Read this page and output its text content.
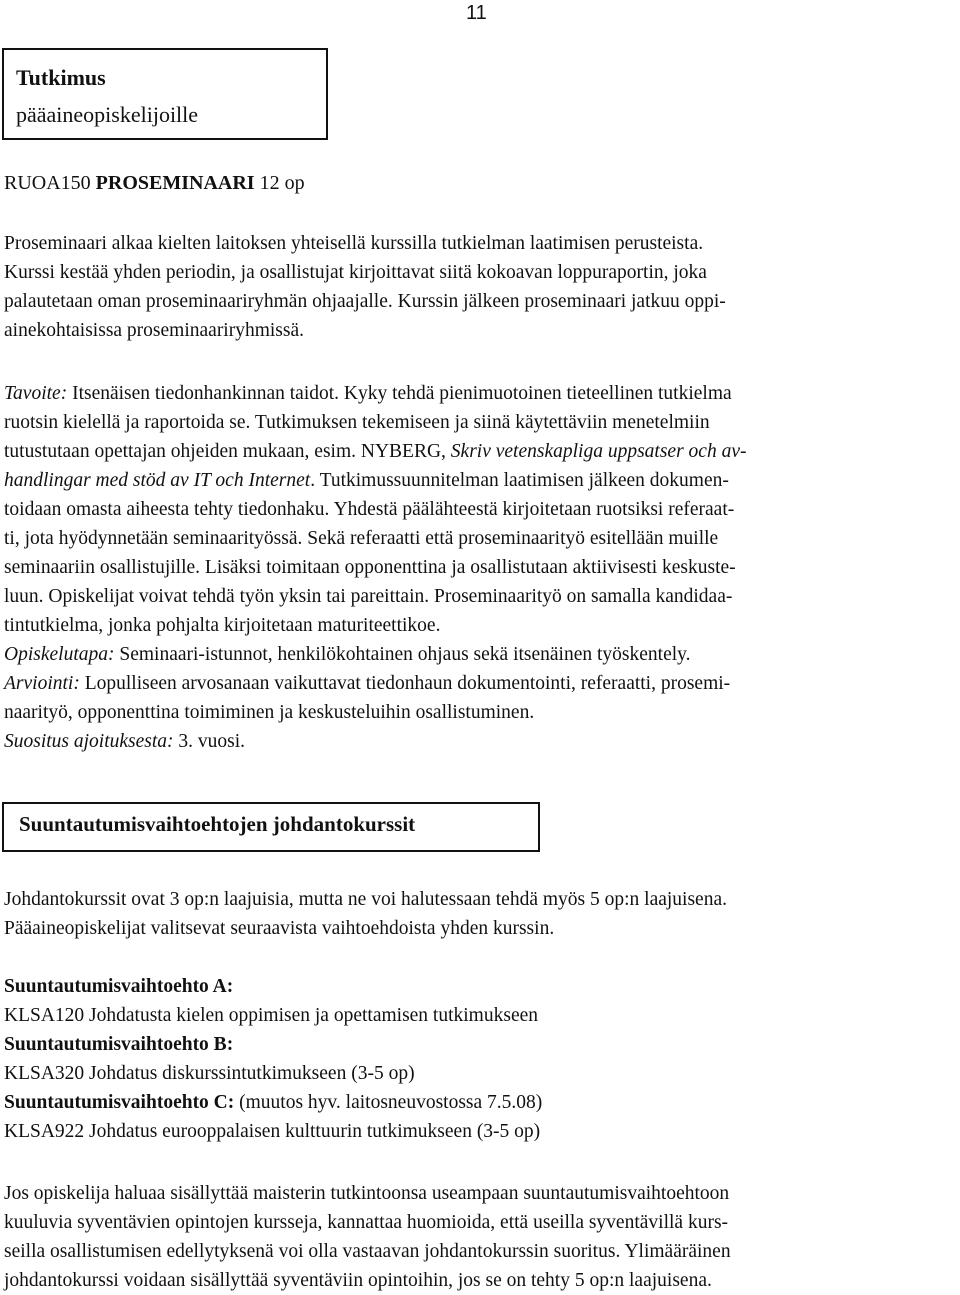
11
Tutkimus
pääaineopiskelijoille
RUOA150 PROSEMINAARI 12 op
Proseminaari alkaa kielten laitoksen yhteisellä kurssilla tutkielman laatimisen perusteista.
Kurssi kestää yhden periodin, ja osallistujat kirjoittavat siitä kokoavan loppuraportin, joka
palautetaan oman proseminaariryhmän ohjaajalle. Kurssin jälkeen proseminaari jatkuu oppi-
ainekohtaisissa proseminaariryhmissä.
Tavoite: Itsenäisen tiedonhankinnan taidot. Kyky tehdä pienimuotoinen tieteellinen tutkielma
ruotsin kielellä ja raportoida se. Tutkimuksen tekemiseen ja siinä käytettäviin menetelmiin
tutustutaan opettajan ohjeiden mukaan, esim. NYBERG, Skriv vetenskapliga uppsatser och av-
handlingar med stöd av IT och Internet. Tutkimussuunnitelman laatimisen jälkeen dokumen-
toidaan omasta aiheesta tehty tiedonhaku. Yhdestä päälähteestä kirjoitetaan ruotsiksi referaat-
ti, jota hyödynnetään seminaarityössä. Sekä referaatti että proseminaarityö esitellään muille
seminaariin osallistujille. Lisäksi toimitaan opponenttina ja osallistutaan aktiivisesti keskuste-
luun. Opiskelijat voivat tehdä työn yksin tai pareittain. Proseminaarityö on samalla kandidaa-
tintutkielma, jonka pohjalta kirjoitetaan maturiteettikoe.
Opiskelutapa: Seminaari-istunnot, henkilökohtainen ohjaus sekä itsenäinen työskentely.
Arviointi: Lopulliseen arvosanaan vaikuttavat tiedonhaun dokumentointi, referaatti, prosemi-
naarityö, opponenttina toimiminen ja keskusteluihin osallistuminen.
Suositus ajoituksesta: 3. vuosi.
Suuntautumisvaihtoehtojen johdantokurssit
Johdantokurssit ovat 3 op:n laajuisia, mutta ne voi halutessaan tehdä myös 5 op:n laajuisena.
Pääaineopiskelijat valitsevat seuraavista vaihtoehdoista yhden kurssin.
Suuntautumisvaihtoehto A:
KLSA120 Johdatusta kielen oppimisen ja opettamisen tutkimukseen
Suuntautumisvaihtoehto B:
KLSA320 Johdatus diskurssintutkimukseen (3-5 op)
Suuntautumisvaihtoehto C: (muutos hyv. laitosneuvostossa 7.5.08)
KLSA922 Johdatus eurooppalaisen kulttuurin tutkimukseen (3-5 op)
Jos opiskelija haluaa sisällyttää maisterin tutkintoonsa useampaan suuntautumisvaihtoehtoon
kuuluvia syventävien opintojen kursseja, kannattaa huomioida, että useilla syventävillä kurs-
seilla osallistumisen edellytyksenä voi olla vastaavan johdantokurssin suoritus. Ylimääräinen
johdantokurssi voidaan sisällyttää syventäviin opintoihin, jos se on tehty 5 op:n laajuisena.
